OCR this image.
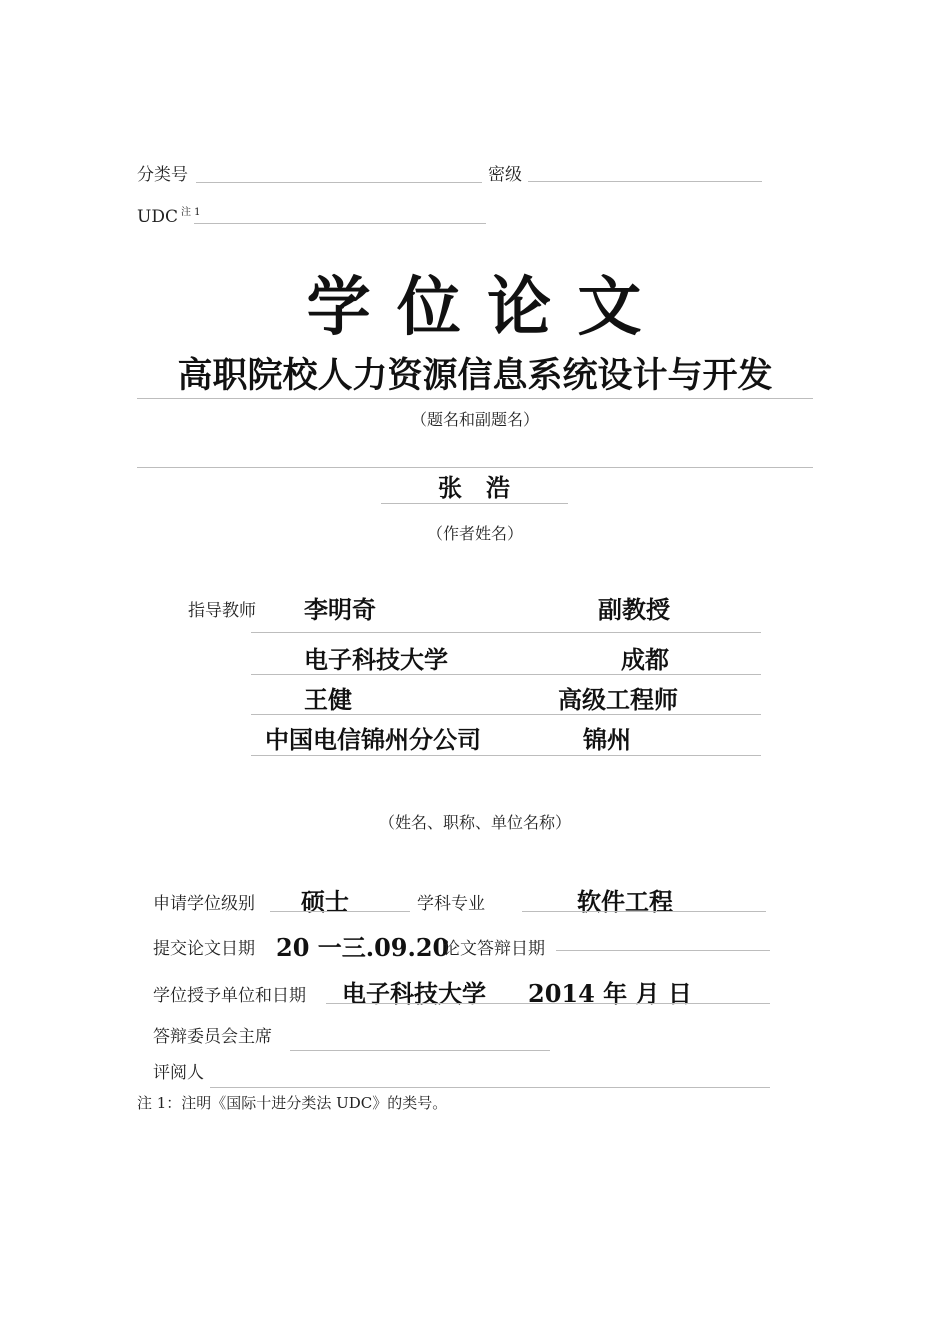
分类号	密级
UDC $^{注 1}$
学 位 论 文
高职院校人力资源信息系统设计与开发
（题名和副题名）
张　浩
（作者姓名）
指导教师 李明奇	副教授
电子科技大学	成都
王健	高级工程师
中国电信锦州分公司	锦州
（姓名、职称、单位名称）
申请学位级别 硕士	学科专业	软件工程
提交论文日期 20 一三.09.20
论文答辩日期
学位授予单位和日期 电子科技大学 2014 年 月 日
答辩委员会主席
评阅人
注 1：注明《国际十进分类法 UDC》的类号。
